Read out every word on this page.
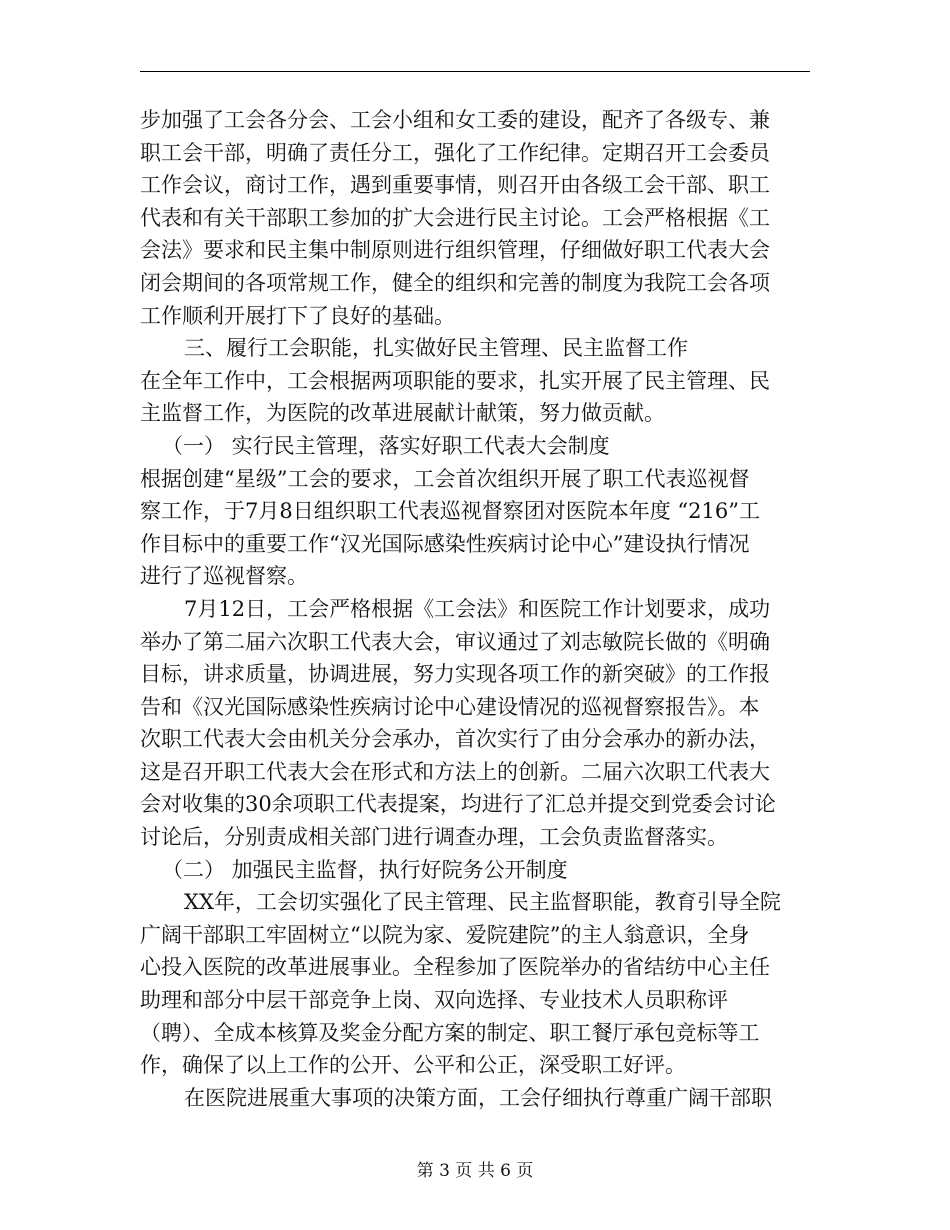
步加强了工会各分会、工会小组和女工委的建设，配齐了各级专、兼
职工会干部，明确了责任分工，强化了工作纪律。定期召开工会委员
工作会议，商讨工作，遇到重要事情，则召开由各级工会干部、职工
代表和有关干部职工参加的扩大会进行民主讨论。工会严格根据《工
会法》要求和民主集中制原则进行组织管理，仔细做好职工代表大会
闭会期间的各项常规工作，健全的组织和完善的制度为我院工会各项
工作顺利开展打下了良好的基础。
三、履行工会职能，扎实做好民主管理、民主监督工作
在全年工作中，工会根据两项职能的要求，扎实开展了民主管理、民
主监督工作，为医院的改革进展献计献策，努力做贡献。
（一） 实行民主管理，落实好职工代表大会制度
根据创建“星级”工会的要求，工会首次组织开展了职工代表巡视督
察工作，于7月8日组织职工代表巡视督察团对医院本年度 “216”工
作目标中的重要工作“汉光国际感染性疾病讨论中心”建设执行情况
进行了巡视督察。
7月12日，工会严格根据《工会法》和医院工作计划要求，成功
举办了第二届六次职工代表大会，审议通过了刘志敏院长做的《明确
目标，讲求质量，协调进展，努力实现各项工作的新突破》的工作报
告和《汉光国际感染性疾病讨论中心建设情况的巡视督察报告》。本
次职工代表大会由机关分会承办，首次实行了由分会承办的新办法，
这是召开职工代表大会在形式和方法上的创新。二届六次职工代表大
会对收集的30余项职工代表提案，均进行了汇总并提交到党委会讨论
讨论后，分别责成相关部门进行调查办理，工会负责监督落实。
（二） 加强民主监督，执行好院务公开制度
XX年，工会切实强化了民主管理、民主监督职能，教育引导全院
广阔干部职工牢固树立“以院为家、爱院建院”的主人翁意识，全身
心投入医院的改革进展事业。全程参加了医院举办的省结纺中心主任
助理和部分中层干部竞争上岗、双向选择、专业技术人员职称评
（聘）、全成本核算及奖金分配方案的制定、职工餐厅承包竞标等工
作，确保了以上工作的公开、公平和公正，深受职工好评。
在医院进展重大事项的决策方面，工会仔细执行尊重广阔干部职
第 3 页 共 6 页
